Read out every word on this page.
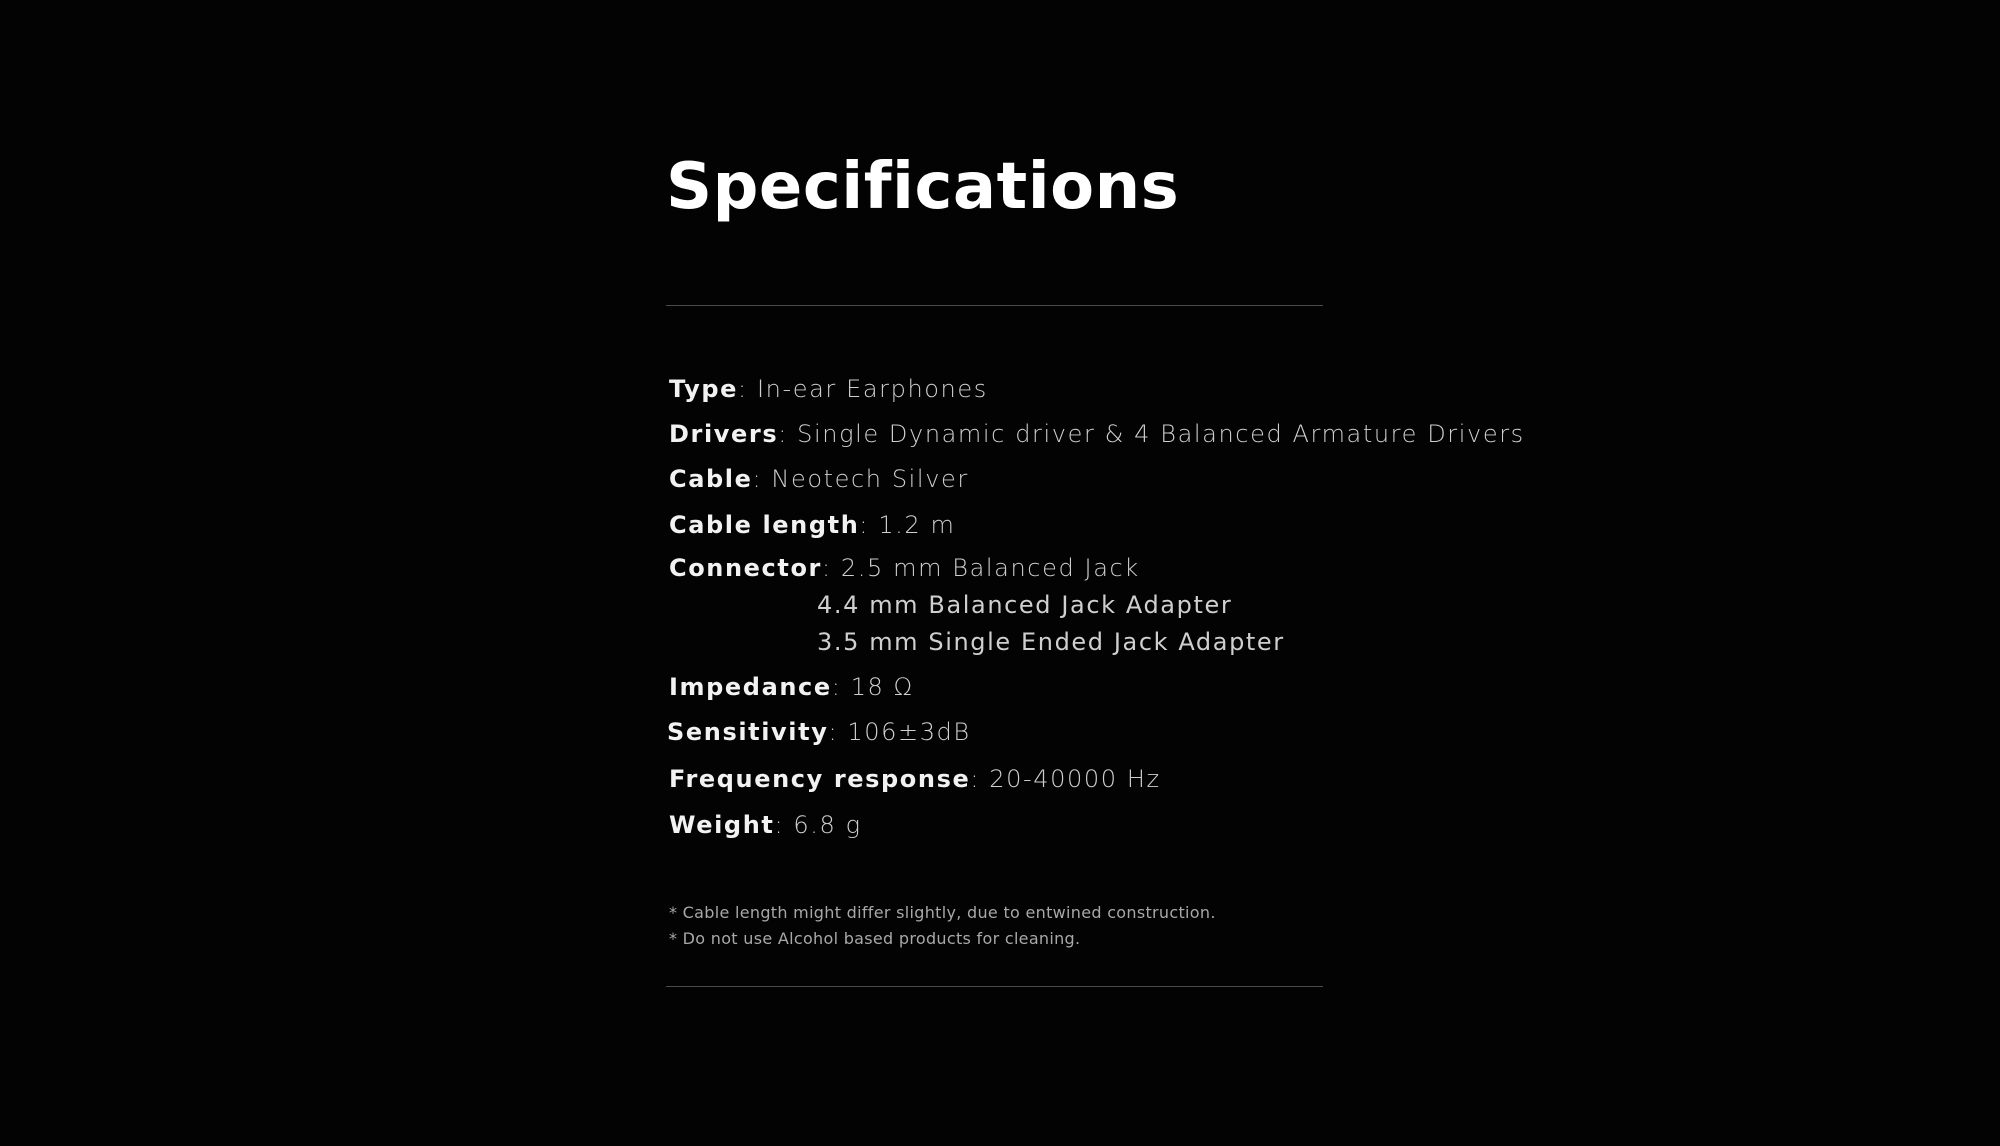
Specifications
Type: In-ear Earphones
Drivers: Single Dynamic driver & 4 Balanced Armature Drivers
Cable: Neotech Silver
Cable length: 1.2 m
Connector: 2.5 mm Balanced Jack
4.4 mm Balanced Jack Adapter
3.5 mm Single Ended Jack Adapter
Impedance: 18 Ω
Sensitivity: 106±3dB
Frequency response: 20-40000 Hz
Weight: 6.8 g
* Cable length might differ slightly, due to entwined construction.
* Do not use Alcohol based products for cleaning.
